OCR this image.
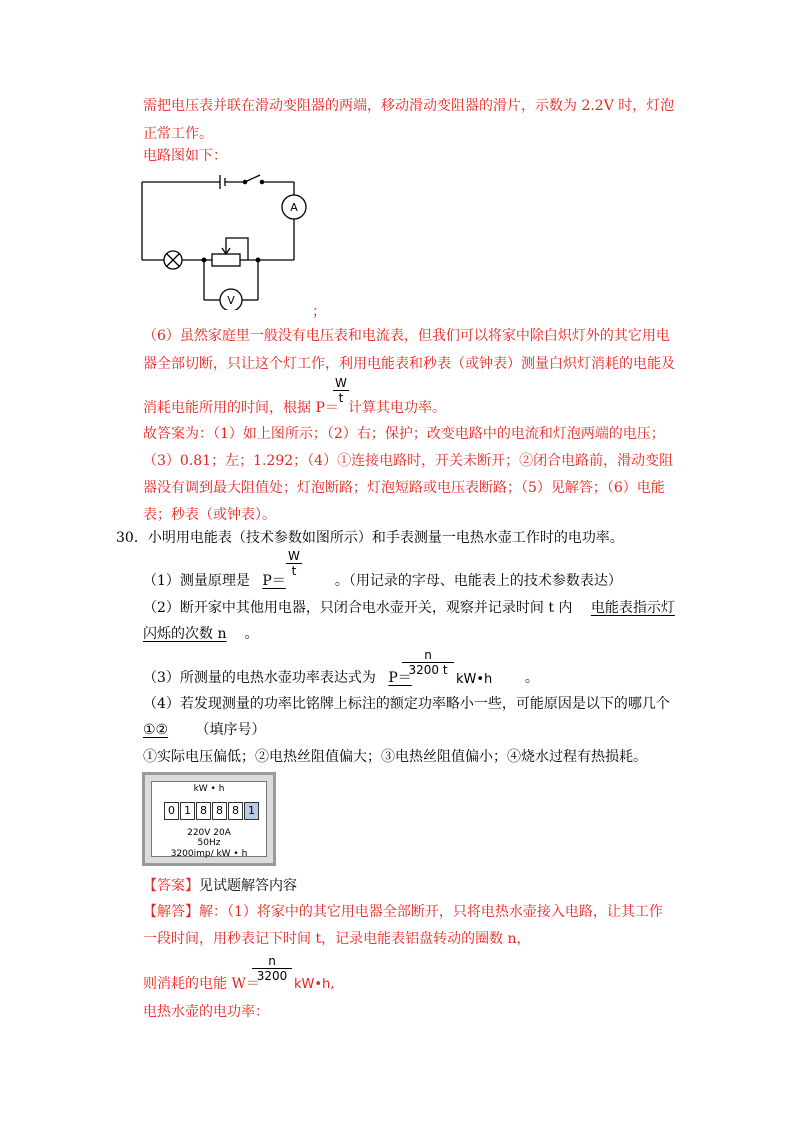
需把电压表并联在滑动变阻器的两端，移动滑动变阻器的滑片，示数为 2.2V 时，灯泡
正常工作。
电路图如下：
A
V
；
（6）虽然家庭里一般没有电压表和电流表，但我们可以将家中除白炽灯外的其它用电
器全部切断，只让这个灯工作，利用电能表和秒表（或钟表）测量白炽灯消耗的电能及
消耗电能所用的时间，根据 P＝
$\frac{W}{t}$
计算其电功率。
故答案为：（1）如上图所示；（2）右；保护；改变电路中的电流和灯泡两端的电压；
（3）0.81；左；1.292；（4）①连接电路时，开关未断开；②闭合电路前，滑动变阻
器没有调到最大阻值处；灯泡断路；灯泡短路或电压表断路；（5）见解答；（6）电能
表；秒表（或钟表）。
30．小明用电能表（技术参数如图所示）和手表测量一电热水壶工作时的电功率。
（1）测量原理是 P＝	。（用记录的字母、电能表上的技术参数表达）
$\frac{W}{t}$
（2）断开家中其他用电器，只闭合电水壶开关，观察并记录时间 t 内 电能表指示灯
闪烁的次数 n 。
（3）所测量的电热水壶功率表达式为 P＝	。
$\frac{n}{3200 t}$
kW•h
（4）若发现测量的功率比铭牌上标注的额定功率略小一些，可能原因是以下的哪几个
①② （填序号）
①实际电压偏低；②电热丝阻值偏大；③电热丝阻值偏小；④烧水过程有热损耗。
kW • h
0 1 8 8 8 1
220V 20A
50Hz
3200imp/ kW • h
【答案】见试题解答内容
【解答】解：（1）将家中的其它用电器全部断开，只将电热水壶接入电路，让其工作
一段时间，用秒表记下时间 t，记录电能表铝盘转动的圈数 n，
则消耗的电能 W＝
$\frac{n}{3200}$
kW•h,
电热水壶的电功率：
